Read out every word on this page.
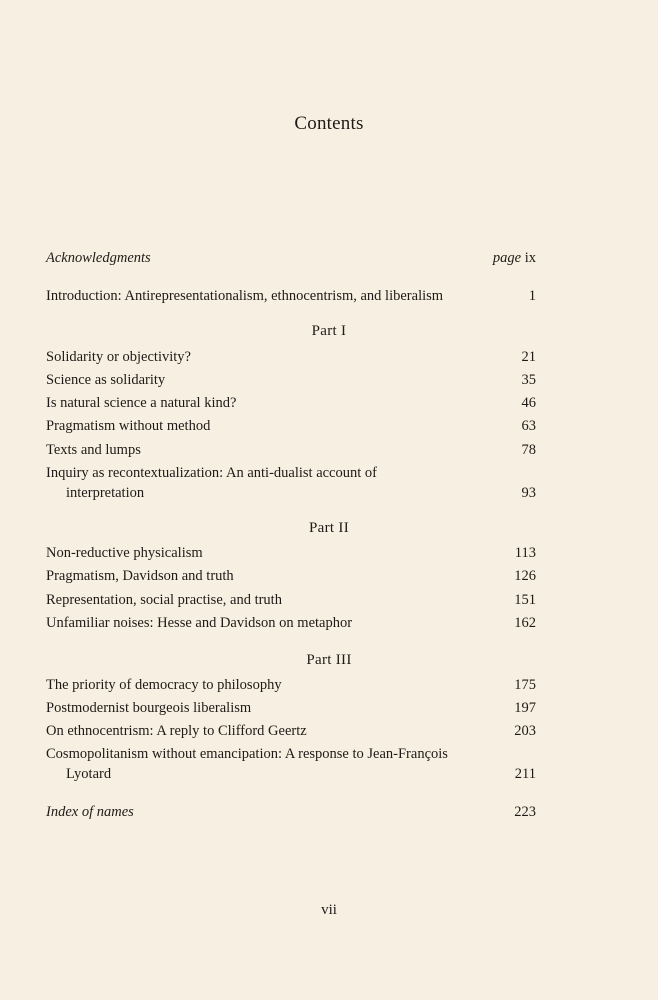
Contents
Acknowledgments	page ix
Introduction: Antirepresentationalism, ethnocentrism, and liberalism	1
Part I
Solidarity or objectivity?	21
Science as solidarity	35
Is natural science a natural kind?	46
Pragmatism without method	63
Texts and lumps	78
Inquiry as recontextualization: An anti-dualist account of
interpretation	93
Part II
Non-reductive physicalism	113
Pragmatism, Davidson and truth	126
Representation, social practise, and truth	151
Unfamiliar noises: Hesse and Davidson on metaphor	162
Part III
The priority of democracy to philosophy	175
Postmodernist bourgeois liberalism	197
On ethnocentrism: A reply to Clifford Geertz	203
Cosmopolitanism without emancipation: A response to Jean-François
Lyotard	211
Index of names	223
vii
